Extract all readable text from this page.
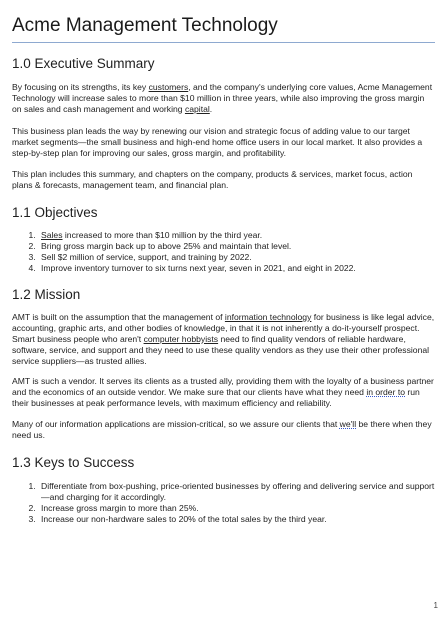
Acme Management Technology
1.0 Executive Summary

By focusing on its strengths, its key customers, and the company's underlying core values, Acme Management Technology will increase sales to more than $10 million in three years, while also improving the gross margin on sales and cash management and working capital.

This business plan leads the way by renewing our vision and strategic focus of adding value to our target market segments—the small business and high-end home office users in our local market. It also provides a step-by-step plan for improving our sales, gross margin, and profitability.

This plan includes this summary, and chapters on the company, products & services, market focus, action plans & forecasts, management team, and financial plan.

1.1 Objectives
1. Sales increased to more than $10 million by the third year.
2. Bring gross margin back up to above 25% and maintain that level.
3. Sell $2 million of service, support, and training by 2022.
4. Improve inventory turnover to six turns next year, seven in 2021, and eight in 2022.
1.2 Mission

AMT is built on the assumption that the management of information technology for business is like legal advice, accounting, graphic arts, and other bodies of knowledge, in that it is not inherently a do-it-yourself prospect. Smart business people who aren't computer hobbyists need to find quality vendors of reliable hardware, software, service, and support and they need to use these quality vendors as they use their other professional service suppliers—as trusted allies.

AMT is such a vendor. It serves its clients as a trusted ally, providing them with the loyalty of a business partner and the economics of an outside vendor. We make sure that our clients have what they need in order to run their businesses at peak performance levels, with maximum efficiency and reliability.

Many of our information applications are mission-critical, so we assure our clients that we'll be there when they need us.

1.3 Keys to Success
1. Differentiate from box-pushing, price-oriented businesses by offering and delivering service and support—and charging for it accordingly.
2. Increase gross margin to more than 25%.
3. Increase our non-hardware sales to 20% of the total sales by the third year.
1
